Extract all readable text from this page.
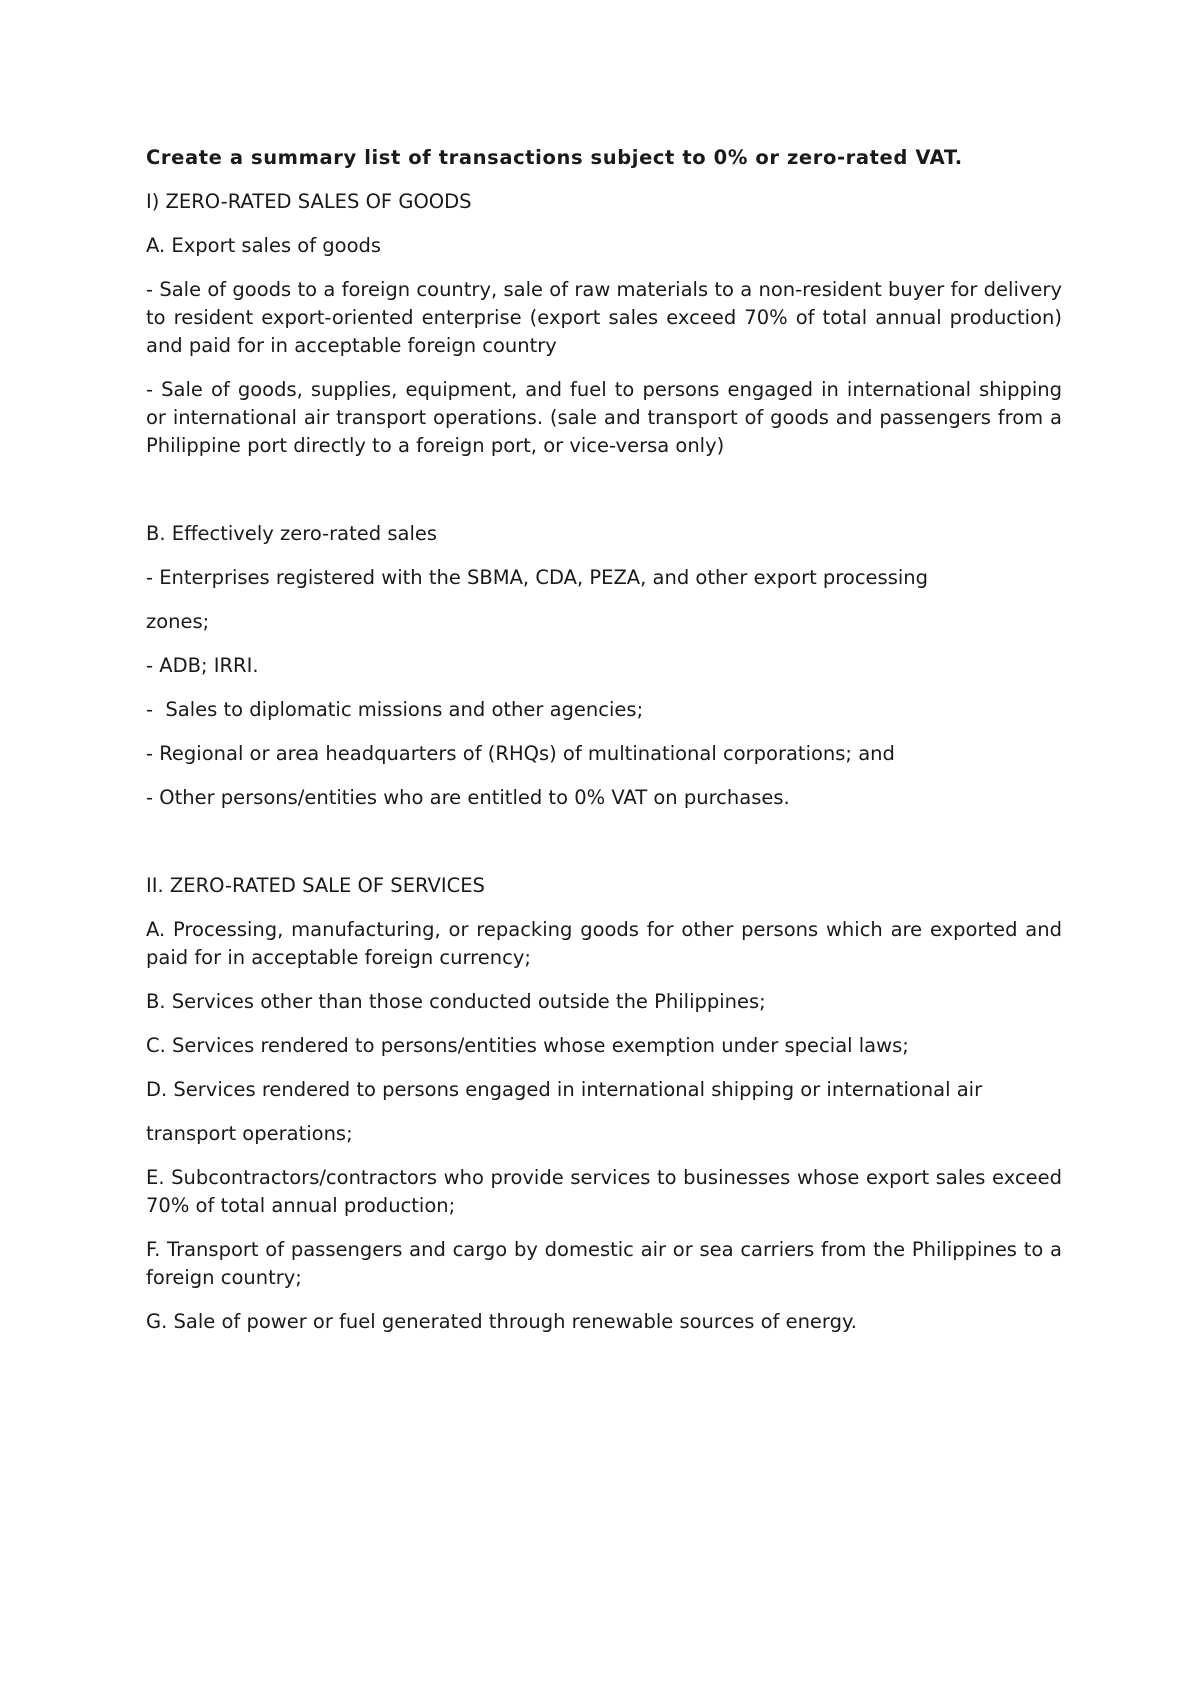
Create a summary list of transactions subject to 0% or zero-rated VAT.

I) ZERO-RATED SALES OF GOODS

A. Export sales of goods

- Sale of goods to a foreign country, sale of raw materials to a non-resident buyer for delivery to resident export-oriented enterprise (export sales exceed 70% of total annual production) and paid for in acceptable foreign country

- Sale of goods, supplies, equipment, and fuel to persons engaged in international shipping or international air transport operations. (sale and transport of goods and passengers from a Philippine port directly to a foreign port, or vice-versa only)

B. Effectively zero-rated sales

- Enterprises registered with the SBMA, CDA, PEZA, and other export processing

zones;

- ADB; IRRI.

-  Sales to diplomatic missions and other agencies;

- Regional or area headquarters of (RHQs) of multinational corporations; and

- Other persons/entities who are entitled to 0% VAT on purchases.

II. ZERO-RATED SALE OF SERVICES

A. Processing, manufacturing, or repacking goods for other persons which are exported and paid for in acceptable foreign currency;

B. Services other than those conducted outside the Philippines;

C. Services rendered to persons/entities whose exemption under special laws;

D. Services rendered to persons engaged in international shipping or international air

transport operations;

E. Subcontractors/contractors who provide services to businesses whose export sales exceed 70% of total annual production;

F. Transport of passengers and cargo by domestic air or sea carriers from the Philippines to a foreign country;

G. Sale of power or fuel generated through renewable sources of energy.
